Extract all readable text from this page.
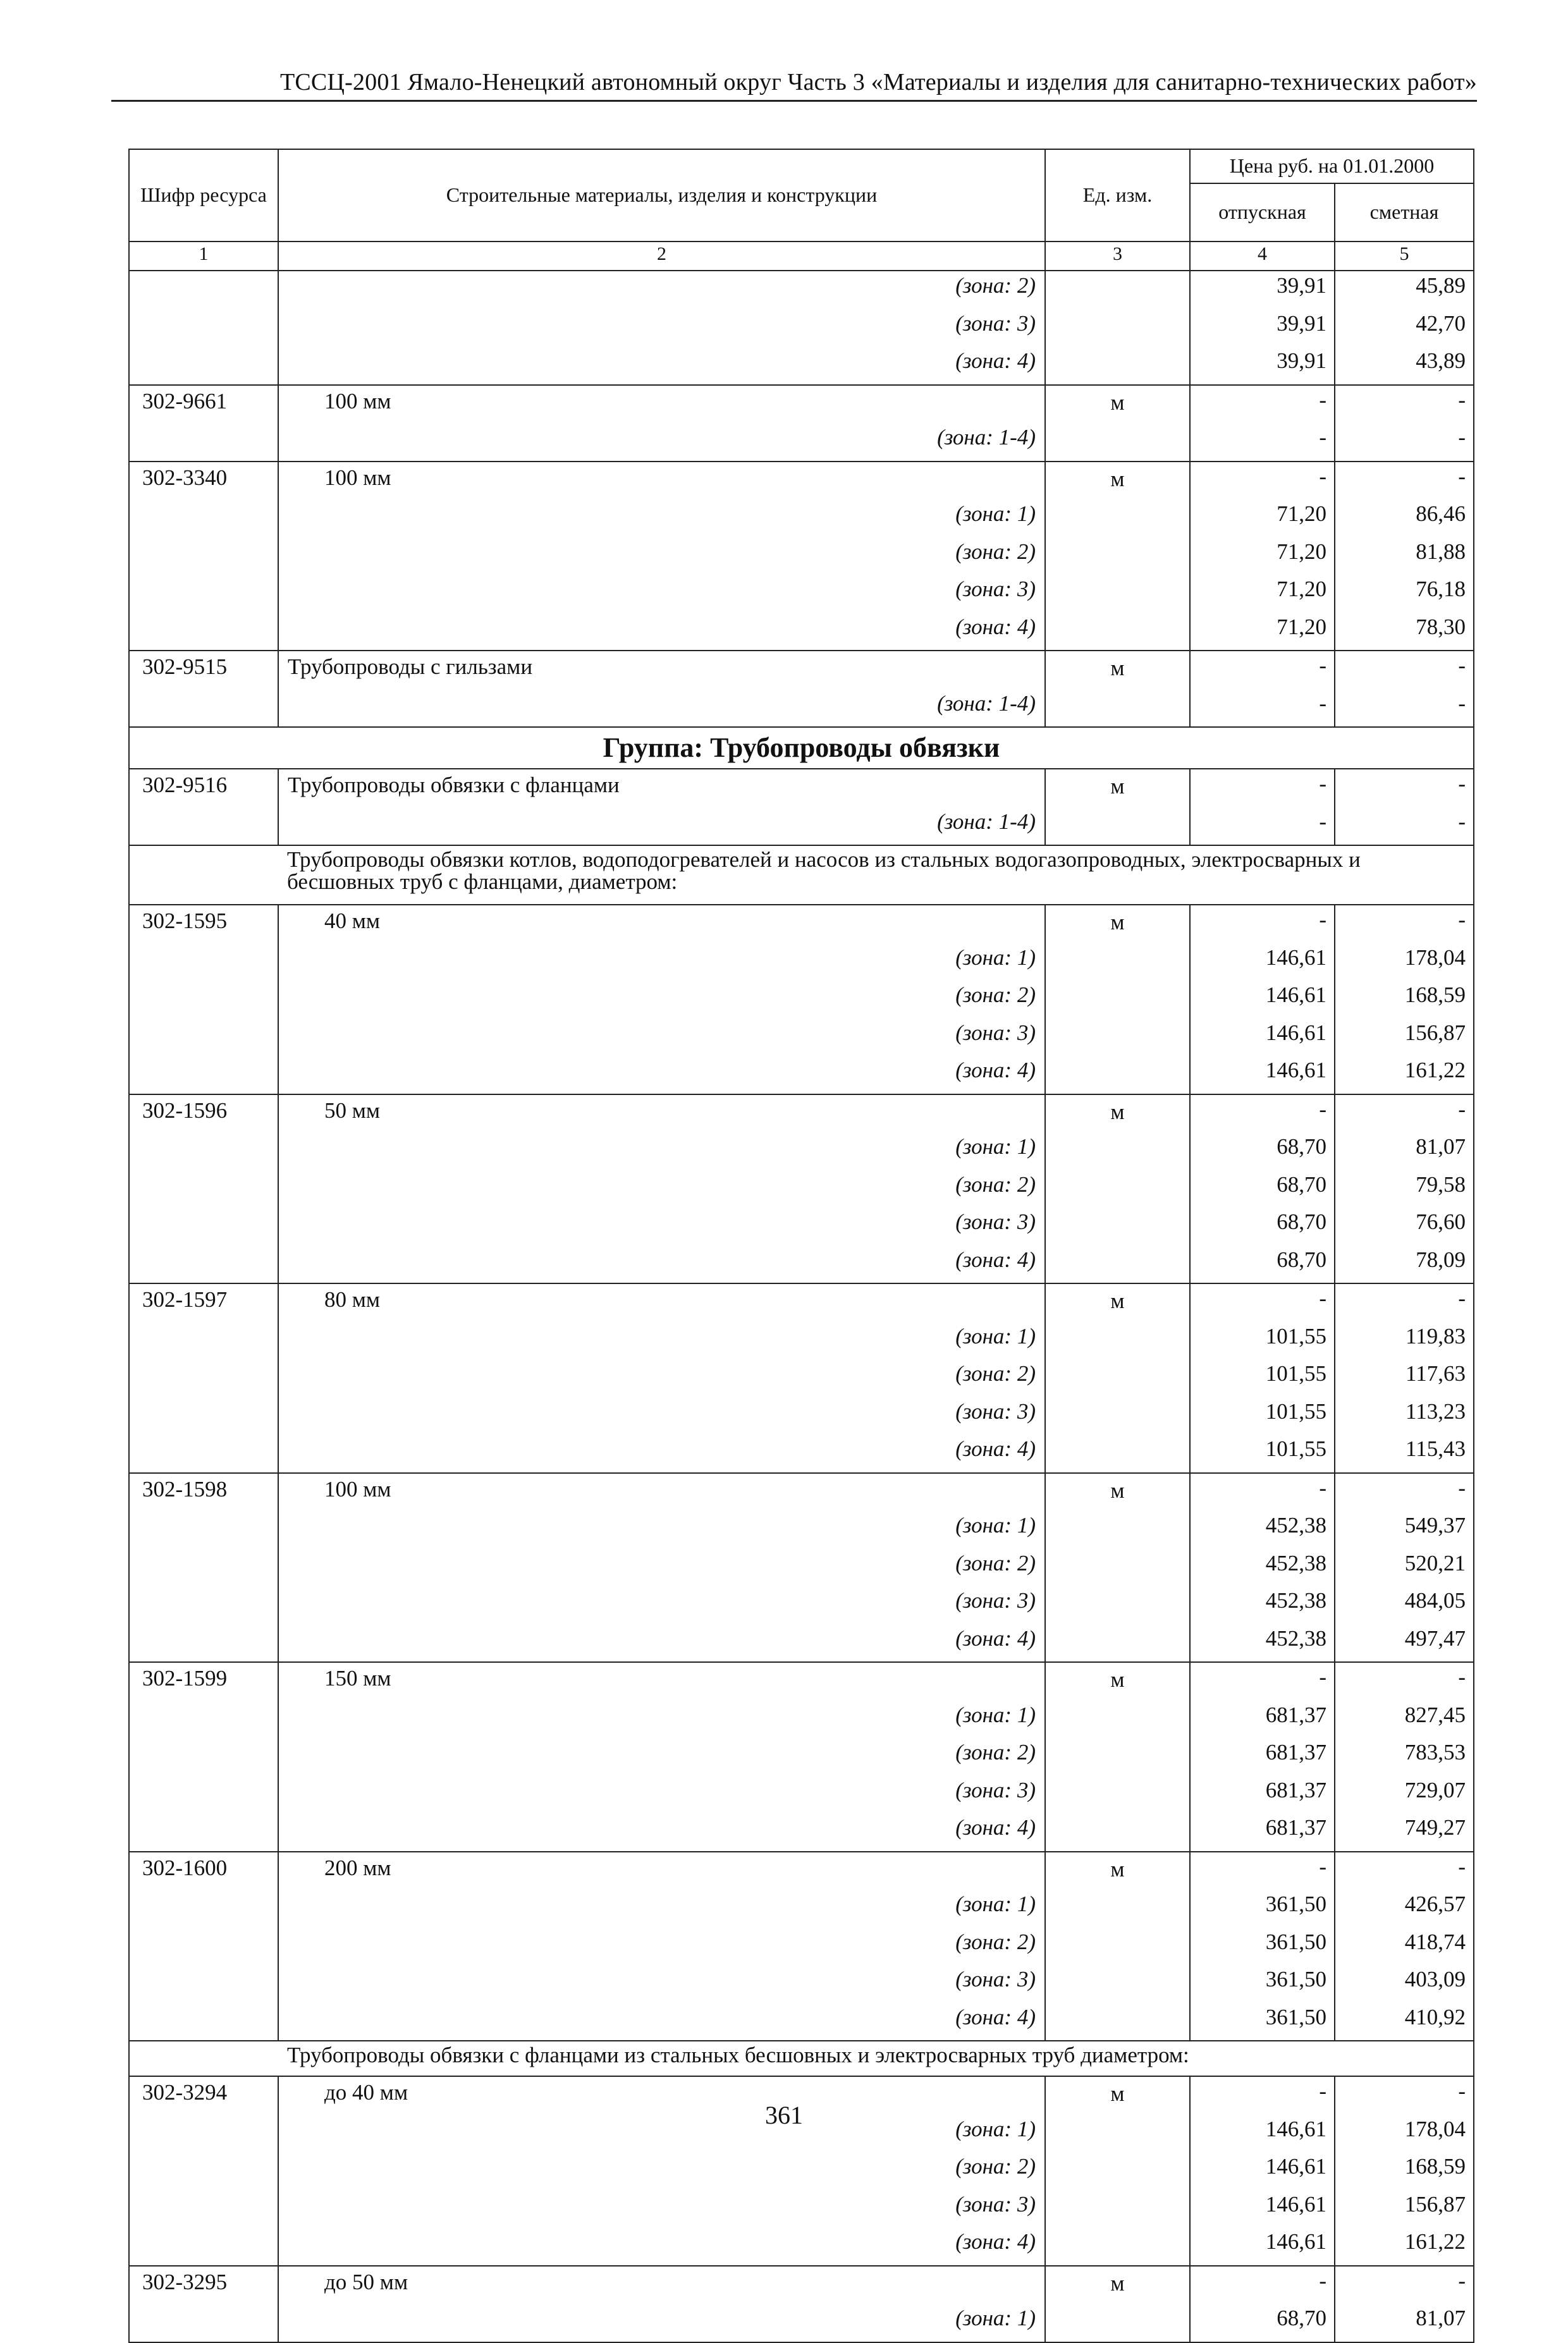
ТССЦ-2001 Ямало-Ненецкий автономный округ Часть 3 «Материалы и изделия для санитарно-технических работ»
Шифр ресурса	Строительные материалы, изделия и конструкции	Ед. изм.	Цена руб. на 01.01.2000	
			отпускная	сметная
1	2	3	4	5
	(зона: 2)		39,91	45,89
	(зона: 3)		39,91	42,70
	(зона: 4)		39,91	43,89
302-9661	100 мм	м	-	-
	(зона: 1-4)		-	-
302-3340	100 мм	м	-	-
	(зона: 1)		71,20	86,46
	(зона: 2)		71,20	81,88
	(зона: 3)		71,20	76,18
	(зона: 4)		71,20	78,30
302-9515	Трубопроводы с гильзами	м	-	-
	(зона: 1-4)		-	-
Группа: Трубопроводы обвязки				
302-9516	Трубопроводы обвязки с фланцами	м	-	-
	(зона: 1-4)		-	-
Трубопроводы обвязки котлов, водоподогревателей и насосов из стальных водогазопроводных, электросварных и бесшовных труб с фланцами, диаметром:				
302-1595	40 мм	м	-	-
	(зона: 1)		146,61	178,04
	(зона: 2)		146,61	168,59
	(зона: 3)		146,61	156,87
	(зона: 4)		146,61	161,22
302-1596	50 мм	м	-	-
	(зона: 1)		68,70	81,07
	(зона: 2)		68,70	79,58
	(зона: 3)		68,70	76,60
	(зона: 4)		68,70	78,09
302-1597	80 мм	м	-	-
	(зона: 1)		101,55	119,83
	(зона: 2)		101,55	117,63
	(зона: 3)		101,55	113,23
	(зона: 4)		101,55	115,43
302-1598	100 мм	м	-	-
	(зона: 1)		452,38	549,37
	(зона: 2)		452,38	520,21
	(зона: 3)		452,38	484,05
	(зона: 4)		452,38	497,47
302-1599	150 мм	м	-	-
	(зона: 1)		681,37	827,45
	(зона: 2)		681,37	783,53
	(зона: 3)		681,37	729,07
	(зона: 4)		681,37	749,27
302-1600	200 мм	м	-	-
	(зона: 1)		361,50	426,57
	(зона: 2)		361,50	418,74
	(зона: 3)		361,50	403,09
	(зона: 4)		361,50	410,92
Трубопроводы обвязки с фланцами из стальных бесшовных и электросварных труб диаметром:				
302-3294	до 40 мм	м	-	-
	(зона: 1)		146,61	178,04
	(зона: 2)		146,61	168,59
	(зона: 3)		146,61	156,87
	(зона: 4)		146,61	161,22
302-3295	до 50 мм	м	-	-
	(зона: 1)		68,70	81,07
361
